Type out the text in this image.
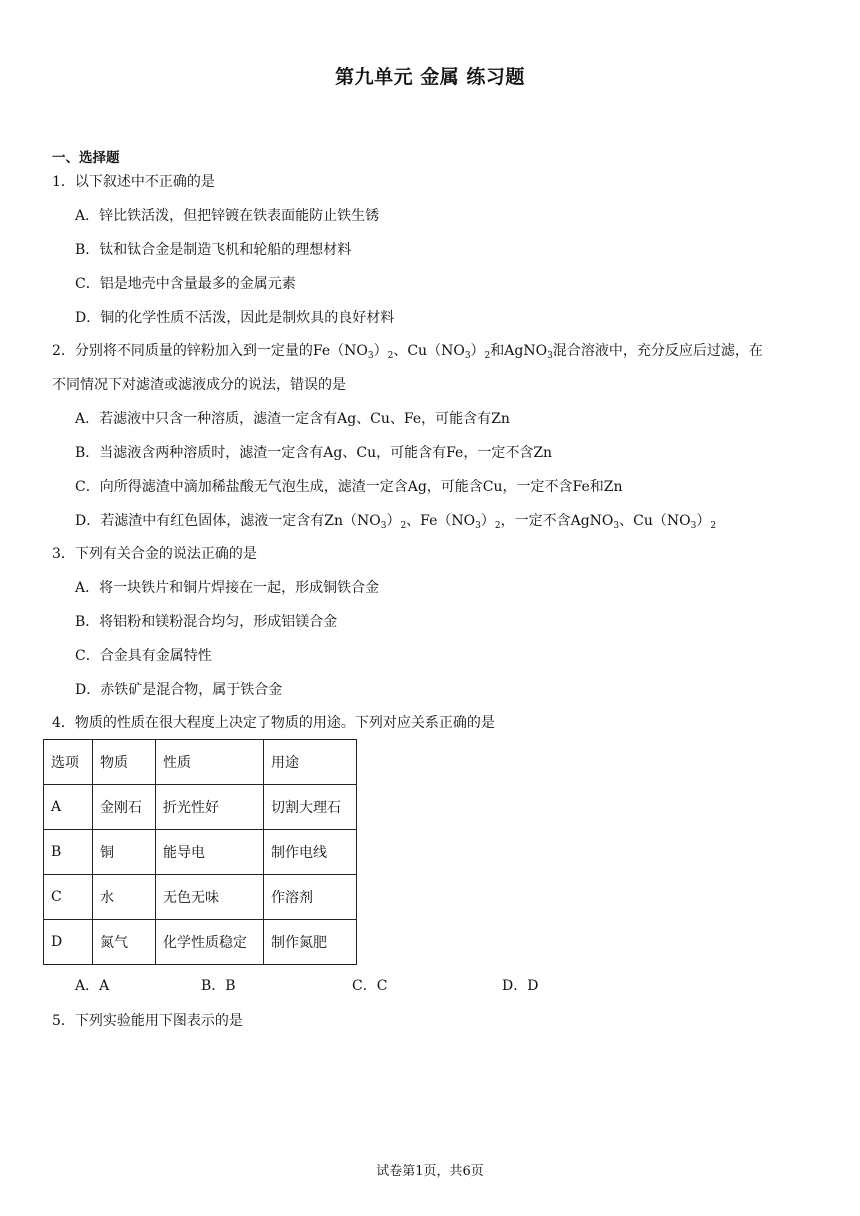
第九单元 金属 练习题
一、选择题
1．以下叙述中不正确的是
A．锌比铁活泼，但把锌镀在铁表面能防止铁生锈
B．钛和钛合金是制造飞机和轮船的理想材料
C．铝是地壳中含量最多的金属元素
D．铜的化学性质不活泼，因此是制炊具的良好材料
2．分别将不同质量的锌粉加入到一定量的$Fe(NO_3)_2$、$Cu(NO_3)_2$和AgNO$_3$混合溶液中，充分反应后过滤，在
不同情况下对滤渣或滤液成分的说法，错误的是
A．若滤液中只含一种溶质，滤渣一定含有Ag、Cu、Fe，可能含有Zn
B．当滤液含两种溶质时，滤渣一定含有Ag、Cu，可能含有Fe，一定不含Zn
C．向所得滤渣中滴加稀盐酸无气泡生成，滤渣一定含Ag，可能含Cu，一定不含Fe和Zn
D．若滤渣中有红色固体，滤液一定含有$Zn(NO_3)_2$、$Fe(NO_3)_2$，一定不含AgNO$_3$、$Cu(NO_3)_2$
3．下列有关合金的说法正确的是
A．将一块铁片和铜片焊接在一起，形成铜铁合金
B．将铝粉和镁粉混合均匀，形成铝镁合金
C．合金具有金属特性
D．赤铁矿是混合物，属于铁合金
4．物质的性质在很大程度上决定了物质的用途。下列对应关系正确的是
选项	物质	性质	用途
A	金刚石	折光性好	切割大理石
B	铜	能导电	制作电线
C	水	无色无味	作溶剂
D	氮气	化学性质稳定	制作氮肥
A．A	B．B	C．C	D．D
5．下列实验能用下图表示的是
试卷第1页，共6页
